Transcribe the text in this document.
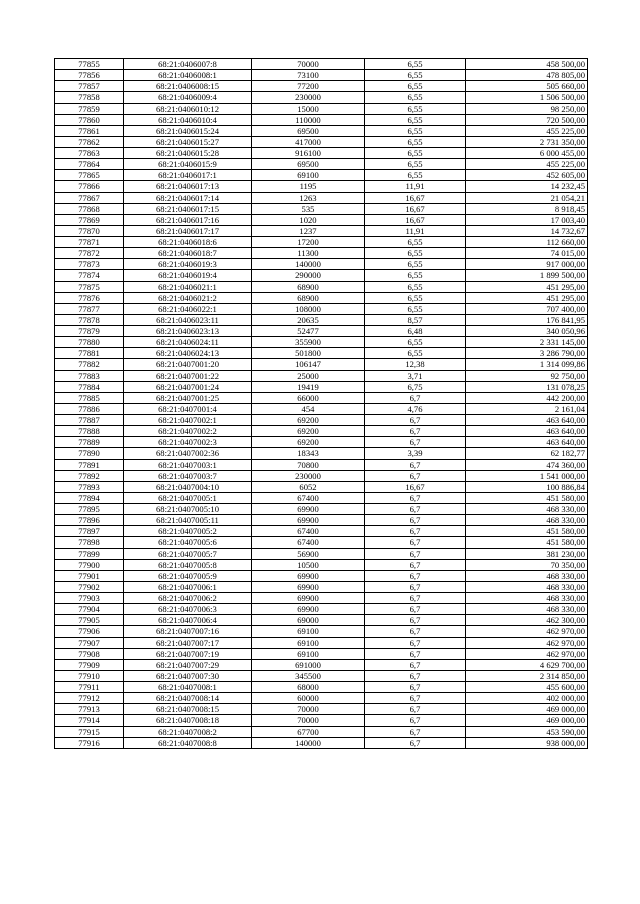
77855	68:21:0406007:8	70000	6,55	458 500,00
77856	68:21:0406008:1	73100	6,55	478 805,00
77857	68:21:0406008:15	77200	6,55	505 660,00
77858	68:21:0406009:4	230000	6,55	1 506 500,00
77859	68:21:0406010:12	15000	6,55	98 250,00
77860	68:21:0406010:4	110000	6,55	720 500,00
77861	68:21:0406015:24	69500	6,55	455 225,00
77862	68:21:0406015:27	417000	6,55	2 731 350,00
77863	68:21:0406015:28	916100	6,55	6 000 455,00
77864	68:21:0406015:9	69500	6,55	455 225,00
77865	68:21:0406017:1	69100	6,55	452 605,00
77866	68:21:0406017:13	1195	11,91	14 232,45
77867	68:21:0406017:14	1263	16,67	21 054,21
77868	68:21:0406017:15	535	16,67	8 918,45
77869	68:21:0406017:16	1020	16,67	17 003,40
77870	68:21:0406017:17	1237	11,91	14 732,67
77871	68:21:0406018:6	17200	6,55	112 660,00
77872	68:21:0406018:7	11300	6,55	74 015,00
77873	68:21:0406019:3	140000	6,55	917 000,00
77874	68:21:0406019:4	290000	6,55	1 899 500,00
77875	68:21:0406021:1	68900	6,55	451 295,00
77876	68:21:0406021:2	68900	6,55	451 295,00
77877	68:21:0406022:1	108000	6,55	707 400,00
77878	68:21:0406023:11	20635	8,57	176 841,95
77879	68:21:0406023:13	52477	6,48	340 050,96
77880	68:21:0406024:11	355900	6,55	2 331 145,00
77881	68:21:0406024:13	501800	6,55	3 286 790,00
77882	68:21:0407001:20	106147	12,38	1 314 099,86
77883	68:21:0407001:22	25000	3,71	92 750,00
77884	68:21:0407001:24	19419	6,75	131 078,25
77885	68:21:0407001:25	66000	6,7	442 200,00
77886	68:21:0407001:4	454	4,76	2 161,04
77887	68:21:0407002:1	69200	6,7	463 640,00
77888	68:21:0407002:2	69200	6,7	463 640,00
77889	68:21:0407002:3	69200	6,7	463 640,00
77890	68:21:0407002:36	18343	3,39	62 182,77
77891	68:21:0407003:1	70800	6,7	474 360,00
77892	68:21:0407003:7	230000	6,7	1 541 000,00
77893	68:21:0407004:10	6052	16,67	100 886,84
77894	68:21:0407005:1	67400	6,7	451 580,00
77895	68:21:0407005:10	69900	6,7	468 330,00
77896	68:21:0407005:11	69900	6,7	468 330,00
77897	68:21:0407005:2	67400	6,7	451 580,00
77898	68:21:0407005:6	67400	6,7	451 580,00
77899	68:21:0407005:7	56900	6,7	381 230,00
77900	68:21:0407005:8	10500	6,7	70 350,00
77901	68:21:0407005:9	69900	6,7	468 330,00
77902	68:21:0407006:1	69900	6,7	468 330,00
77903	68:21:0407006:2	69900	6,7	468 330,00
77904	68:21:0407006:3	69900	6,7	468 330,00
77905	68:21:0407006:4	69000	6,7	462 300,00
77906	68:21:0407007:16	69100	6,7	462 970,00
77907	68:21:0407007:17	69100	6,7	462 970,00
77908	68:21:0407007:19	69100	6,7	462 970,00
77909	68:21:0407007:29	691000	6,7	4 629 700,00
77910	68:21:0407007:30	345500	6,7	2 314 850,00
77911	68:21:0407008:1	68000	6,7	455 600,00
77912	68:21:0407008:14	60000	6,7	402 000,00
77913	68:21:0407008:15	70000	6,7	469 000,00
77914	68:21:0407008:18	70000	6,7	469 000,00
77915	68:21:0407008:2	67700	6,7	453 590,00
77916	68:21:0407008:8	140000	6,7	938 000,00
